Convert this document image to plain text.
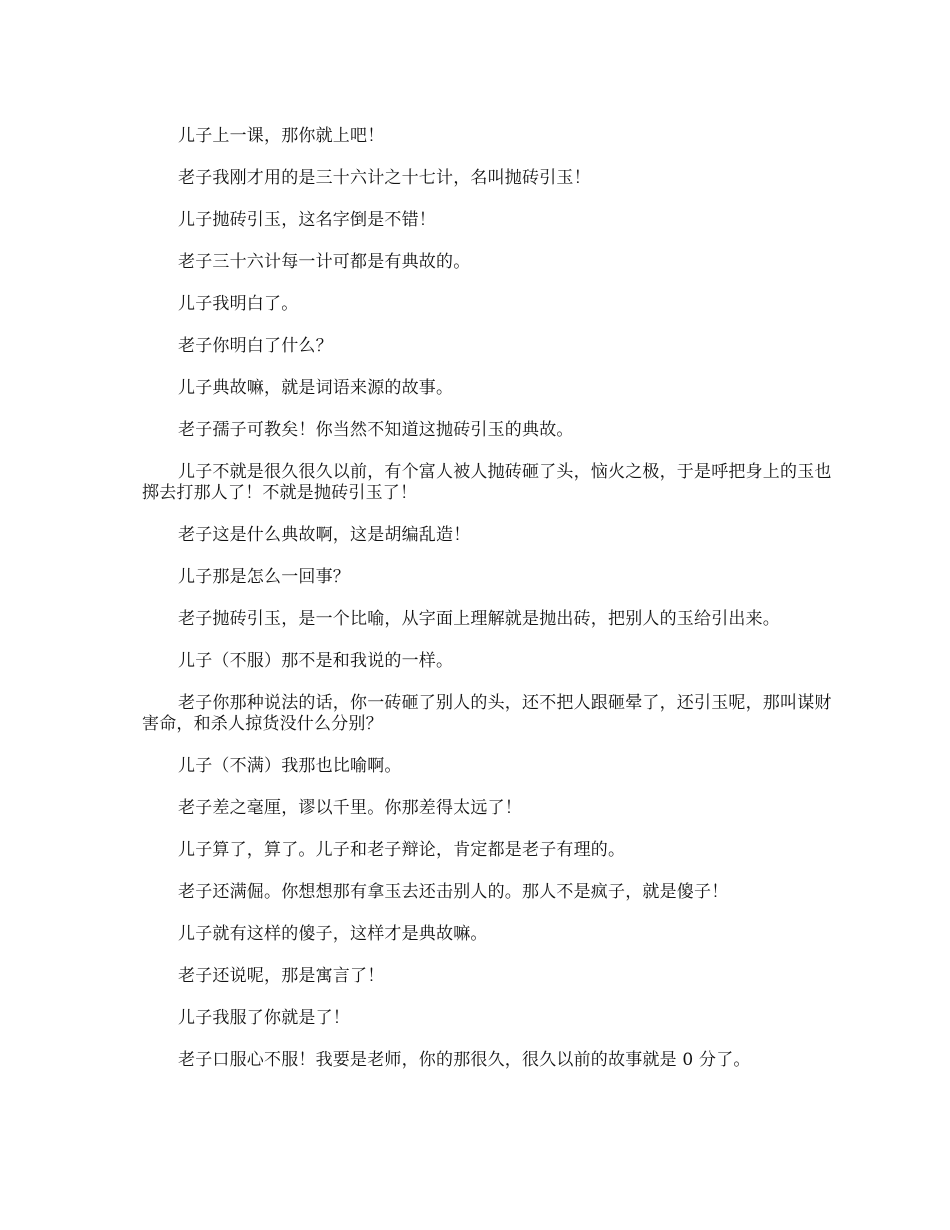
儿子上一课，那你就上吧！

老子我刚才用的是三十六计之十七计，名叫抛砖引玉！

儿子抛砖引玉，这名字倒是不错！

老子三十六计每一计可都是有典故的。

儿子我明白了。

老子你明白了什么？

儿子典故嘛，就是词语来源的故事。

老子孺子可教矣！你当然不知道这抛砖引玉的典故。

儿子不就是很久很久以前，有个富人被人抛砖砸了头，恼火之极，于是呼把身上的玉也掷去打那人了！不就是抛砖引玉了！

老子这是什么典故啊，这是胡编乱造！

儿子那是怎么一回事？

老子抛砖引玉，是一个比喻，从字面上理解就是抛出砖，把别人的玉给引出来。

儿子（不服）那不是和我说的一样。

老子你那种说法的话，你一砖砸了别人的头，还不把人跟砸晕了，还引玉呢，那叫谋财害命，和杀人掠货没什么分别？

儿子（不满）我那也比喻啊。

老子差之毫厘，谬以千里。你那差得太远了！

儿子算了，算了。儿子和老子辩论，肯定都是老子有理的。

老子还满倔。你想想那有拿玉去还击别人的。那人不是疯子，就是傻子！

儿子就有这样的傻子，这样才是典故嘛。

老子还说呢，那是寓言了！

儿子我服了你就是了！

老子口服心不服！我要是老师，你的那很久，很久以前的故事就是 0 分了。
